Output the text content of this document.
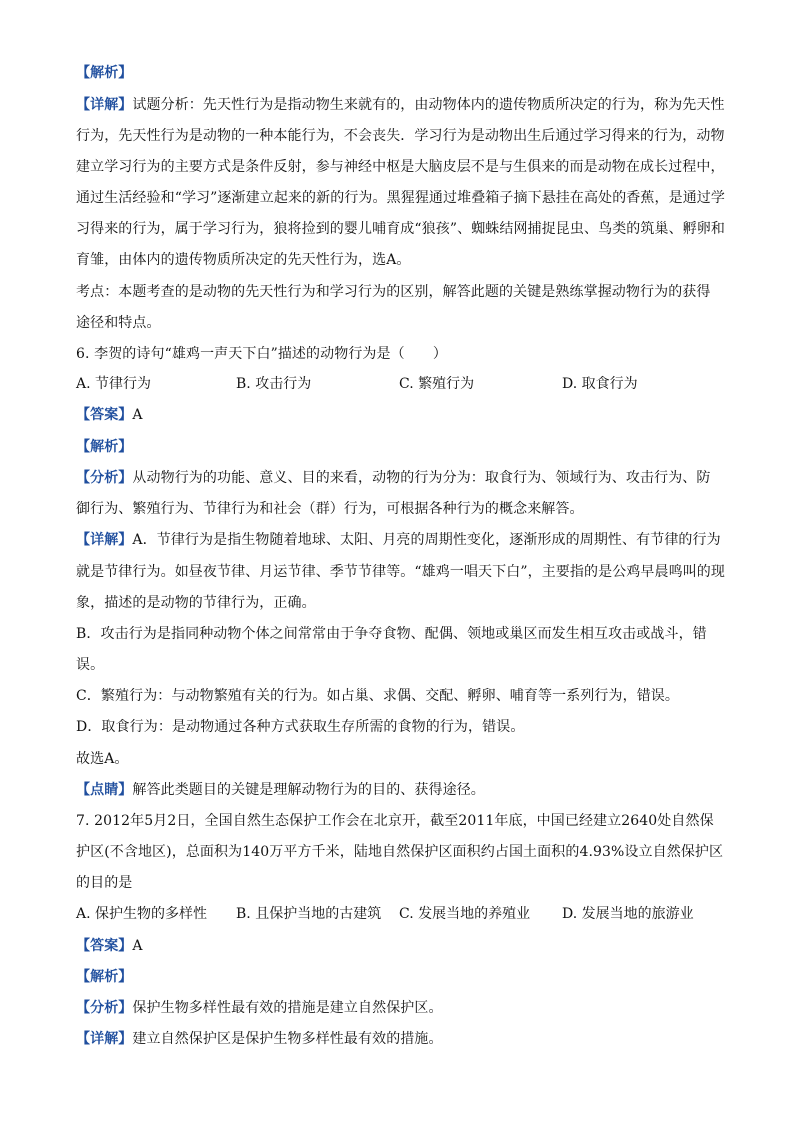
【解析】

【详解】试题分析：先天性行为是指动物生来就有的，由动物体内的遗传物质所决定的行为，称为先天性

行为，先天性行为是动物的一种本能行为，不会丧失．学习行为是动物出生后通过学习得来的行为，动物

建立学习行为的主要方式是条件反射，参与神经中枢是大脑皮层不是与生俱来的而是动物在成长过程中，

通过生活经验和“学习”逐渐建立起来的新的行为。黑猩猩通过堆叠箱子摘下悬挂在高处的香蕉，是通过学

习得来的行为，属于学习行为，狼将捡到的婴儿哺育成“狼孩”、蜘蛛结网捕捉昆虫、鸟类的筑巢、孵卵和

育雏，由体内的遗传物质所决定的先天性行为，选A。

考点：本题考查的是动物的先天性行为和学习行为的区别，解答此题的关键是熟练掌握动物行为的获得

途径和特点。

6. 李贺的诗句“雄鸡一声天下白”描述的动物行为是（　　）

A. 节律行为	B. 攻击行为	C. 繁殖行为	D. 取食行为

【答案】A

【解析】

【分析】从动物行为的功能、意义、目的来看，动物的行为分为：取食行为、领域行为、攻击行为、防

御行为、繁殖行为、节律行为和社会（群）行为，可根据各种行为的概念来解答。

【详解】A．节律行为是指生物随着地球、太阳、月亮的周期性变化，逐渐形成的周期性、有节律的行为

就是节律行为。如昼夜节律、月运节律、季节节律等。“雄鸡一唱天下白”，主要指的是公鸡早晨鸣叫的现

象，描述的是动物的节律行为，正确。

B．攻击行为是指同种动物个体之间常常由于争夺食物、配偶、领地或巢区而发生相互攻击或战斗，错

误。

C．繁殖行为：与动物繁殖有关的行为。如占巢、求偶、交配、孵卵、哺育等一系列行为，错误。

D．取食行为：是动物通过各种方式获取生存所需的食物的行为，错误。

故选A。

【点睛】解答此类题目的关键是理解动物行为的目的、获得途径。

7. 2012年5月2日，全国自然生态保护工作会在北京开，截至2011年底，中国已经建立2640处自然保

护区(不含地区)，总面积为140万平方千米，陆地自然保护区面积约占国土面积的4.93%设立自然保护区

的目的是

A. 保护生物的多样性 B. 且保护当地的古建筑 C. 发展当地的养殖业 D. 发展当地的旅游业

【答案】A

【解析】

【分析】保护生物多样性最有效的措施是建立自然保护区。

【详解】建立自然保护区是保护生物多样性最有效的措施。
